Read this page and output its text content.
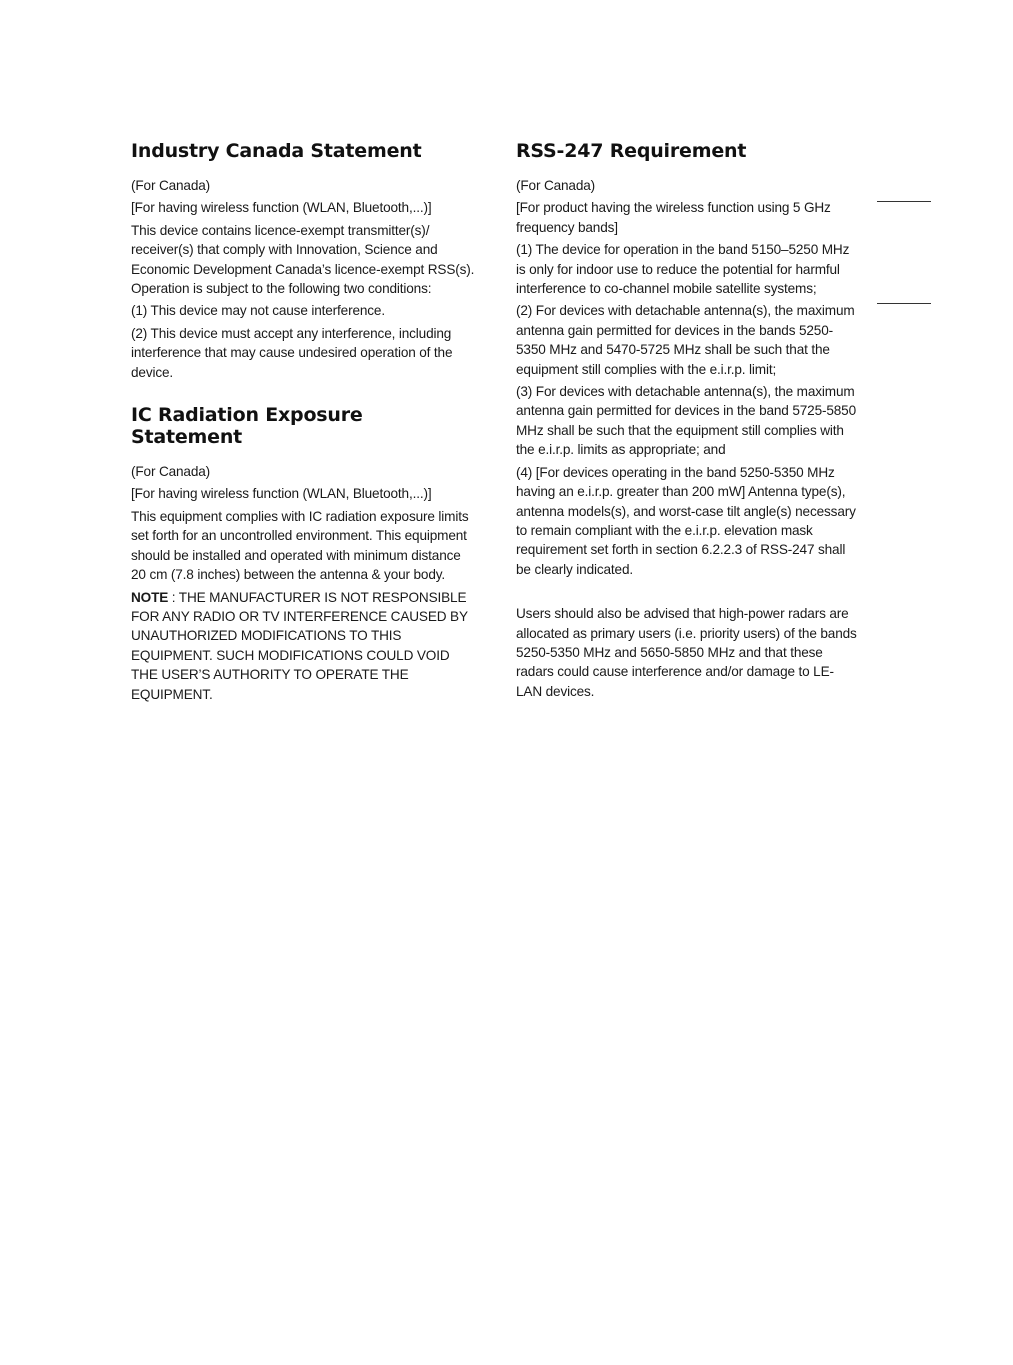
Industry Canada Statement

(For Canada)

[For having wireless function (WLAN, Bluetooth,...)]

This device contains licence-exempt transmitter(s)/ receiver(s) that comply with Innovation, Science and Economic Development Canada’s licence-exempt RSS(s). Operation is subject to the following two conditions:

(1) This device may not cause interference.

(2) This device must accept any interference, including interference that may cause undesired operation of the device.

IC Radiation Exposure Statement

(For Canada)

[For having wireless function (WLAN, Bluetooth,...)]

This equipment complies with IC radiation exposure limits set forth for an uncontrolled environment. This equipment should be installed and operated with minimum distance 20 cm (7.8 inches) between the antenna & your body.

NOTE : THE MANUFACTURER IS NOT RESPONSIBLE FOR ANY RADIO OR TV INTERFERENCE CAUSED BY UNAUTHORIZED MODIFICATIONS TO THIS EQUIPMENT. SUCH MODIFICATIONS COULD VOID THE USER’S AUTHORITY TO OPERATE THE EQUIPMENT.

RSS-247 Requirement

(For Canada)

[For product having the wireless function using 5 GHz frequency bands]

(1) The device for operation in the band 5150–5250 MHz is only for indoor use to reduce the potential for harmful interference to co-channel mobile satellite systems;

(2) For devices with detachable antenna(s), the maximum antenna gain permitted for devices in the bands 5250-5350 MHz and 5470-5725 MHz shall be such that the equipment still complies with the e.i.r.p. limit;

(3) For devices with detachable antenna(s), the maximum antenna gain permitted for devices in the band 5725-5850 MHz shall be such that the equipment still complies with the e.i.r.p. limits as appropriate; and

(4) [For devices operating in the band 5250-5350 MHz having an e.i.r.p. greater than 200 mW] Antenna type(s), antenna models(s), and worst-case tilt angle(s) necessary to remain compliant with the e.i.r.p. elevation mask requirement set forth in section 6.2.2.3 of RSS-247 shall be clearly indicated.

Users should also be advised that high-power radars are allocated as primary users (i.e. priority users) of the bands 5250-5350 MHz and 5650-5850 MHz and that these radars could cause interference and/or damage to LE-LAN devices.
